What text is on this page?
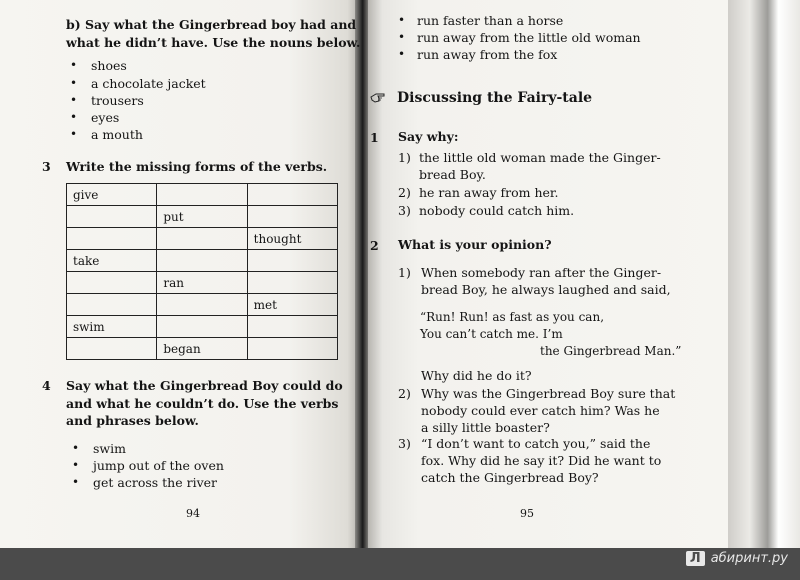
b) Say what the Gingerbread boy had and
what he didn’t have. Use the nouns below.
• shoes
• a chocolate jacket
• trousers
• eyes
• a mouth
3 Write the missing forms of the verbs.
give		
	put	
		thought
take		
	ran	
		met
swim		
	began	
4 Say what the Gingerbread Boy could do
and what he couldn’t do. Use the verbs
and phrases below.
• swim
• jump out of the oven
• get across the river
94
• run faster than a horse
• run away from the little old woman
• run away from the fox
Discussing the Fairy-tale
1 Say why:
1) the little old woman made the Ginger-
bread Boy.
2) he ran away from her.
3) nobody could catch him.
2 What is your opinion?
1) When somebody ran after the Ginger-
bread Boy, he always laughed and said,
“Run! Run! as fast as you can,
You can’t catch me. I’m
the Gingerbread Man.”
Why did he do it?
2) Why was the Gingerbread Boy sure that
nobody could ever catch him? Was he
a silly little boaster?
3) “I don’t want to catch you,” said the
fox. Why did he say it? Did he want to
catch the Gingerbread Boy?
95
Л абиринт.ру
